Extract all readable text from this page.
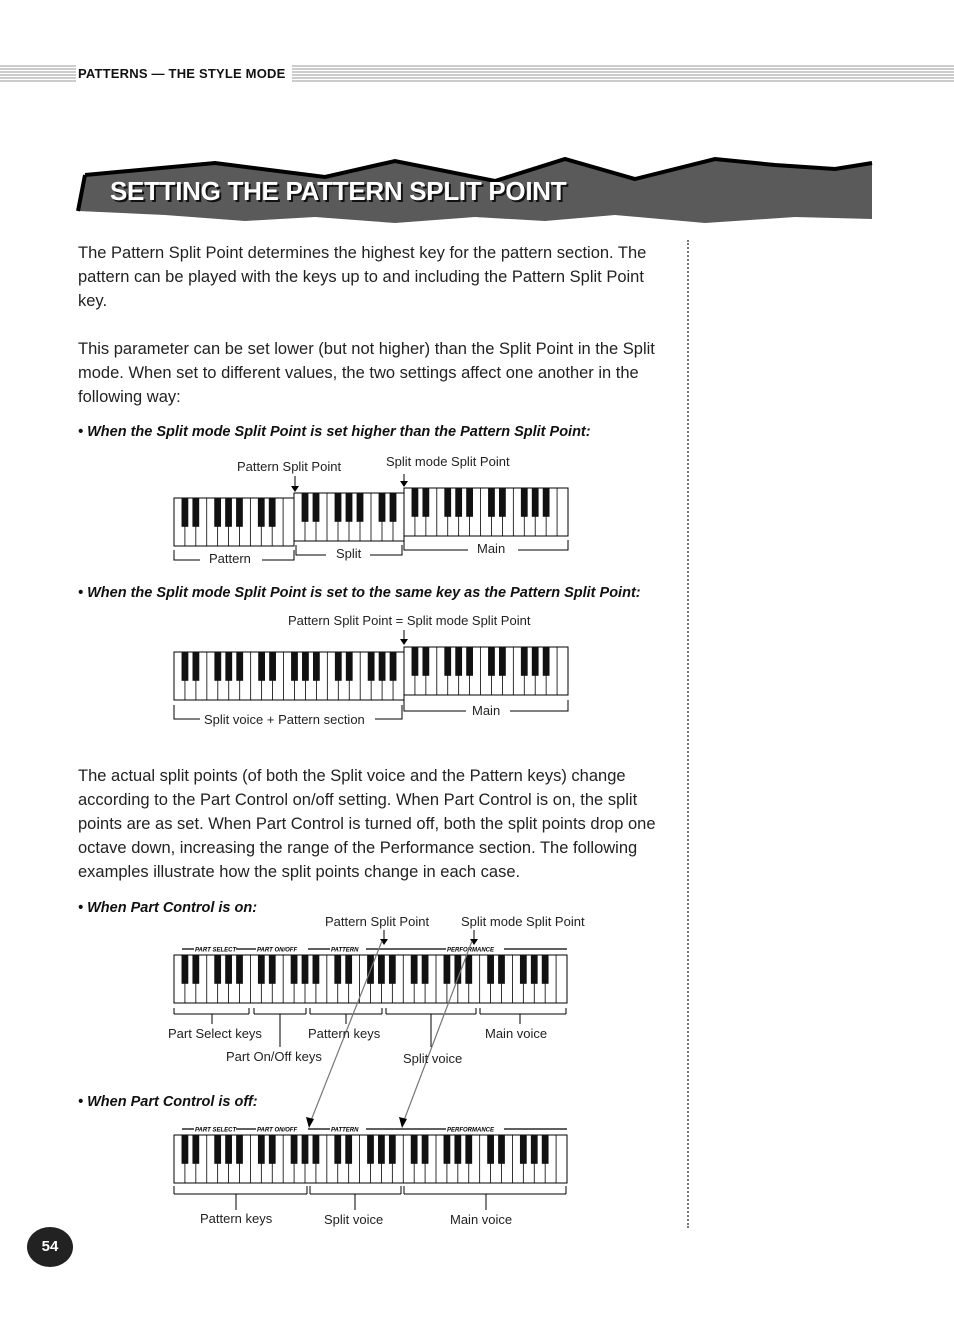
PATTERNS — THE STYLE MODE
SETTING THE PATTERN SPLIT POINT
The Pattern Split Point determines the highest key for the pattern section. The pattern can be played with the keys up to and including the Pattern Split Point key.
This parameter can be set lower (but not higher) than the Split Point in the Split mode. When set to different values, the two settings affect one another in the following way:
• When the Split mode Split Point is set higher than the Pattern Split Point:
Pattern Split Point	Split mode Split Point
Pattern	Split	Main
• When the Split mode Split Point is set to the same key as the Pattern Split Point:
Pattern Split Point = Split mode Split Point
Split voice + Pattern section
Main
The actual split points (of both the Split voice and the Pattern keys) change according to the Part Control on/off setting. When Part Control is on, the split points are as set. When Part Control is turned off, both the split points drop one octave down, increasing the range of the Performance section. The following examples illustrate how the split points change in each case.
• When Part Control is on:
Pattern Split Point Split mode Split Point
PART SELECT	PART ON/OFF	PATTERN	PERFORMANCE
Part Select keys	Pattern keys	Main voice
Part On/Off keys	Split voice
• When Part Control is off:
PART SELECT	PART ON/OFF	PATTERN	PERFORMANCE
Pattern keys	Split voice	Main voice
54
